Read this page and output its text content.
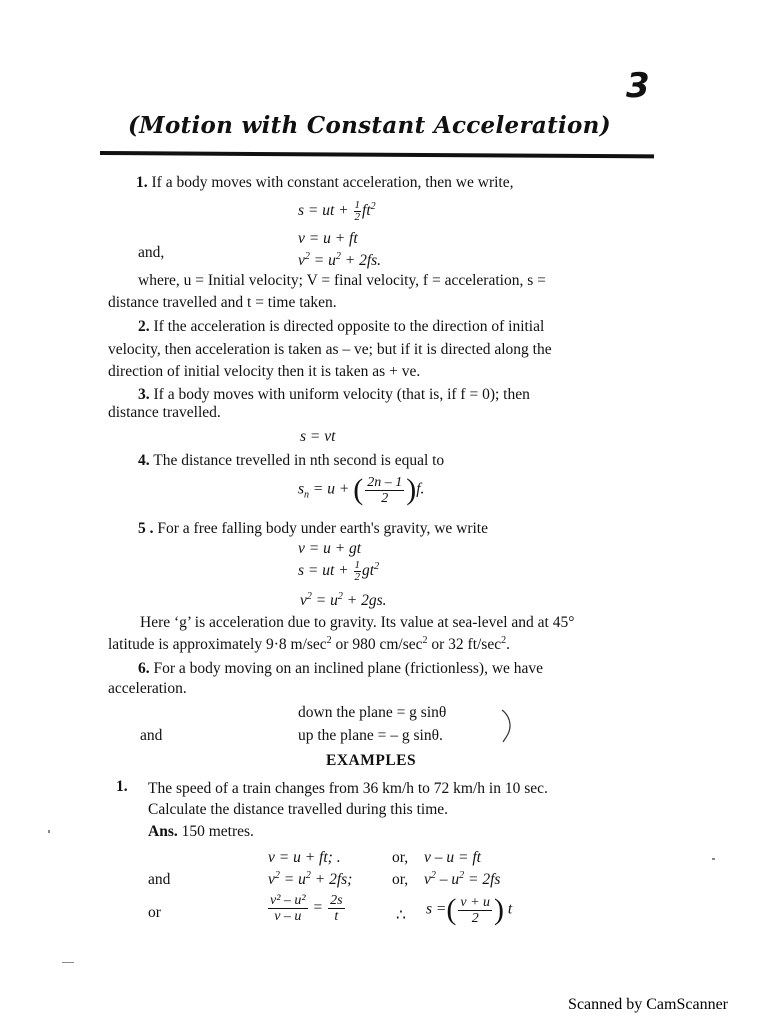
3
(Motion with Constant Acceleration)
1. If a body moves with constant acceleration, then we write,
s = ut + $\frac{1}{2} ft^2$
v = u + ft
and,	$v^2 = u^2 + 2fs$.
where, u = Initial velocity; V = final velocity, f = acceleration, s =
distance travelled and t = time taken.
2. If the acceleration is directed opposite to the direction of initial
velocity, then acceleration is taken as – ve; but if it is directed along the
direction of initial velocity then it is taken as + ve.
3. If a body moves with uniform velocity (that is, if f = 0); then
distance travelled.
s = vt
4. The distance trevelled in nth second is equal to
$s_n = u$ + ( $\frac{2n - 1}{2} )f$.
5 . For a free falling body under earth's gravity, we write
v = u + gt
s = ut + $\frac{1}{2} gt^2$
$v^2 = u^2 + 2gs$.
Here ‘g’ is acceleration due to gravity. Its value at sea-level and at 45°
latitude is approximately 9·8 $m/\sec^2$ or 980 $cm/\sec^2$ or 32 $ft/\sec^2$.
6. For a body moving on an inclined plane (frictionless), we have
acceleration.
down the plane = g sinθ
and	up the plane = – g sinθ.
EXAMPLES
1. The speed of a train changes from 36 km/h to 72 km/h in 10 sec.
Calculate the distance travelled during this time.
Ans. 150 metres.
v = u + ft; .	or, v – u = ft
and	$v^2 = u^2 + 2fs$;	or, $v^2 - u^2 = 2fs$
or	$\frac{\text{v² – u²}}{v - u} = \frac{2s}{t}$	∴ s =( $\frac{v + u}{2}$ ) t
Scanned by CamScanner
